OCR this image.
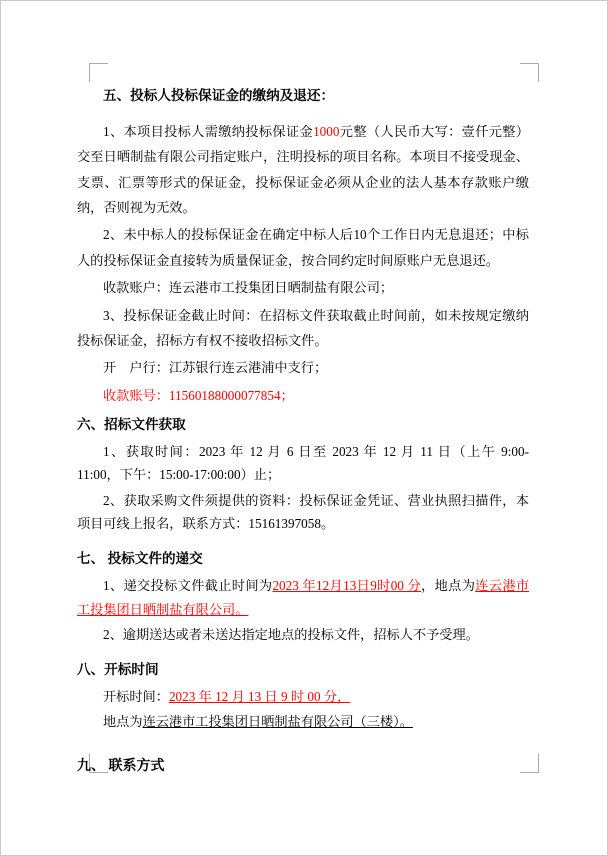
五、投标人投标保证金的缴纳及退还：

1、本项目投标人需缴纳投标保证金1000元整（人民币大写：壹仟元整）交至日晒制盐有限公司指定账户，注明投标的项目名称。本项目不接受现金、支票、汇票等形式的保证金，投标保证金必须从企业的法人基本存款账户缴纳，否则视为无效。

2、未中标人的投标保证金在确定中标人后10个工作日内无息退还；中标人的投标保证金直接转为质量保证金，按合同约定时间原账户无息退还。

收款账户：连云港市工投集团日晒制盐有限公司；

3、投标保证金截止时间：在招标文件获取截止时间前，如未按规定缴纳投标保证金，招标方有权不接收招标文件。

开　户行：江苏银行连云港浦中支行；

收款账号：11560188000077854；

六、招标文件获取

1、获取时间：2023 年 12 月 6 日至 2023 年 12 月 11 日（上午 9:00-11:00，下午：15:00-17:00:00）止；

2、获取采购文件须提供的资料：投标保证金凭证、营业执照扫描件，本项目可线上报名，联系方式：15161397058。

七、 投标文件的递交

1、递交投标文件截止时间为2023 年12月13日9时00 分，地点为连云港市工投集团日晒制盐有限公司。

2、逾期送达或者未送达指定地点的投标文件，招标人不予受理。

八、开标时间

开标时间：2023 年 12 月 13 日 9 时 00 分，

地点为连云港市工投集团日晒制盐有限公司（三楼）。

九、 联系方式
